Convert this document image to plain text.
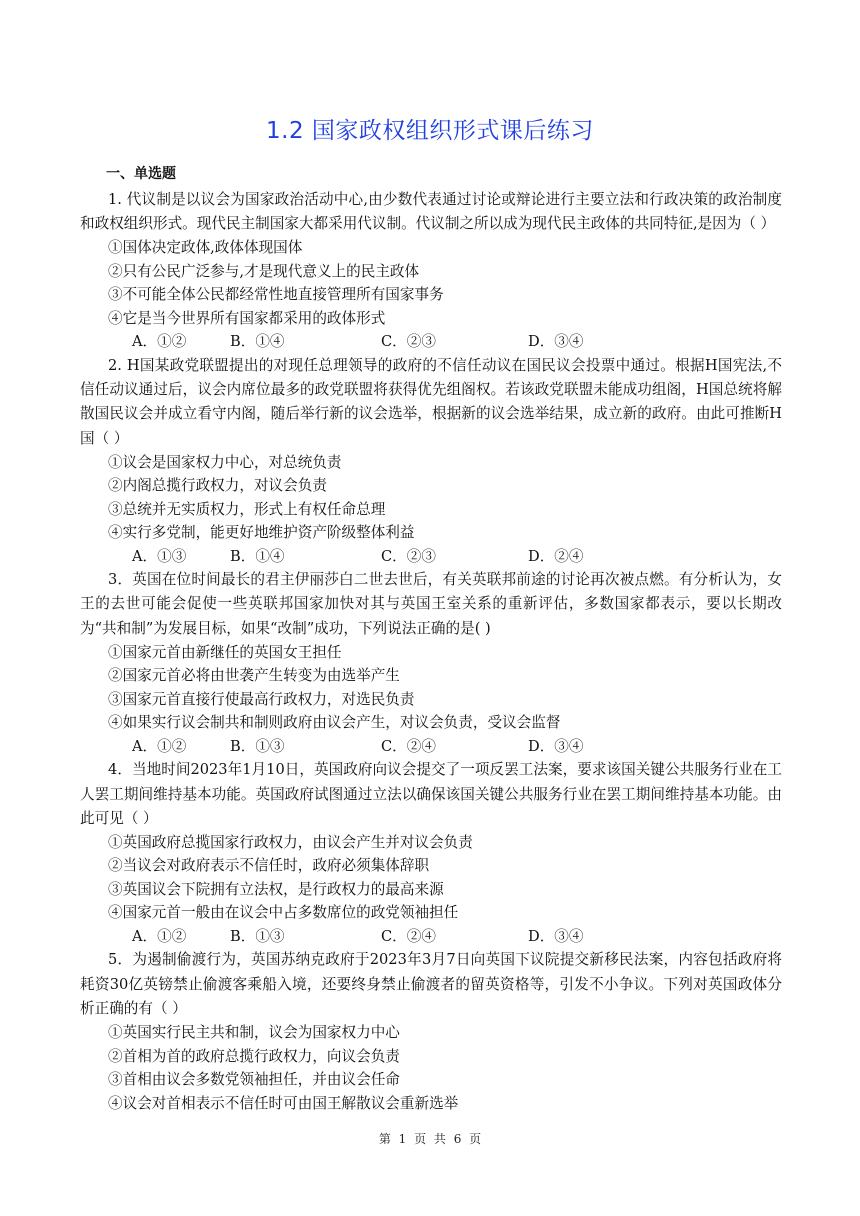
1.2 国家政权组织形式课后练习
一、单选题

1. 代议制是以议会为国家政治活动中心,由少数代表通过讨论或辩论进行主要立法和行政决策的政治制度和政权组织形式。现代民主制国家大都采用代议制。代议制之所以成为现代民主政体的共同特征,是因为（ ）

①国体决定政体,政体体现国体

②只有公民广泛参与,才是现代意义上的民主政体

③不可能全体公民都经常性地直接管理所有国家事务

④它是当今世界所有国家都采用的政体形式

A．①②	B．①④	C．②③	D．③④

2. H国某政党联盟提出的对现任总理领导的政府的不信任动议在国民议会投票中通过。根据H国宪法,不信任动议通过后，议会内席位最多的政党联盟将获得优先组阁权。若该政党联盟未能成功组阁，H国总统将解散国民议会并成立看守内阁，随后举行新的议会选举，根据新的议会选举结果，成立新的政府。由此可推断H国（ ）

①议会是国家权力中心，对总统负责

②内阁总揽行政权力，对议会负责

③总统并无实质权力，形式上有权任命总理

④实行多党制，能更好地维护资产阶级整体利益

A．①③	B．①④	C．②③	D．②④

3．英国在位时间最长的君主伊丽莎白二世去世后，有关英联邦前途的讨论再次被点燃。有分析认为，女王的去世可能会促使一些英联邦国家加快对其与英国王室关系的重新评估，多数国家都表示，要以长期改为“共和制”为发展目标，如果“改制”成功，下列说法正确的是( )

①国家元首由新继任的英国女王担任

②国家元首必将由世袭产生转变为由选举产生

③国家元首直接行使最高行政权力，对选民负责

④如果实行议会制共和制则政府由议会产生，对议会负责，受议会监督

A．①②	B．①③	C．②④	D．③④

4．当地时间2023年1月10日，英国政府向议会提交了一项反罢工法案，要求该国关键公共服务行业在工人罢工期间维持基本功能。英国政府试图通过立法以确保该国关键公共服务行业在罢工期间维持基本功能。由此可见（ ）

①英国政府总揽国家行政权力，由议会产生并对议会负责

②当议会对政府表示不信任时，政府必须集体辞职

③英国议会下院拥有立法权，是行政权力的最高来源

④国家元首一般由在议会中占多数席位的政党领袖担任

A．①②	B．①③	C．②④	D．③④

5．为遏制偷渡行为，英国苏纳克政府于2023年3月7日向英国下议院提交新移民法案，内容包括政府将耗资30亿英镑禁止偷渡客乘船入境，还要终身禁止偷渡者的留英资格等，引发不小争议。下列对英国政体分析正确的有（ ）

①英国实行民主共和制，议会为国家权力中心

②首相为首的政府总揽行政权力，向议会负责

③首相由议会多数党领袖担任，并由议会任命

④议会对首相表示不信任时可由国王解散议会重新选举

第 1 页 共 6 页
